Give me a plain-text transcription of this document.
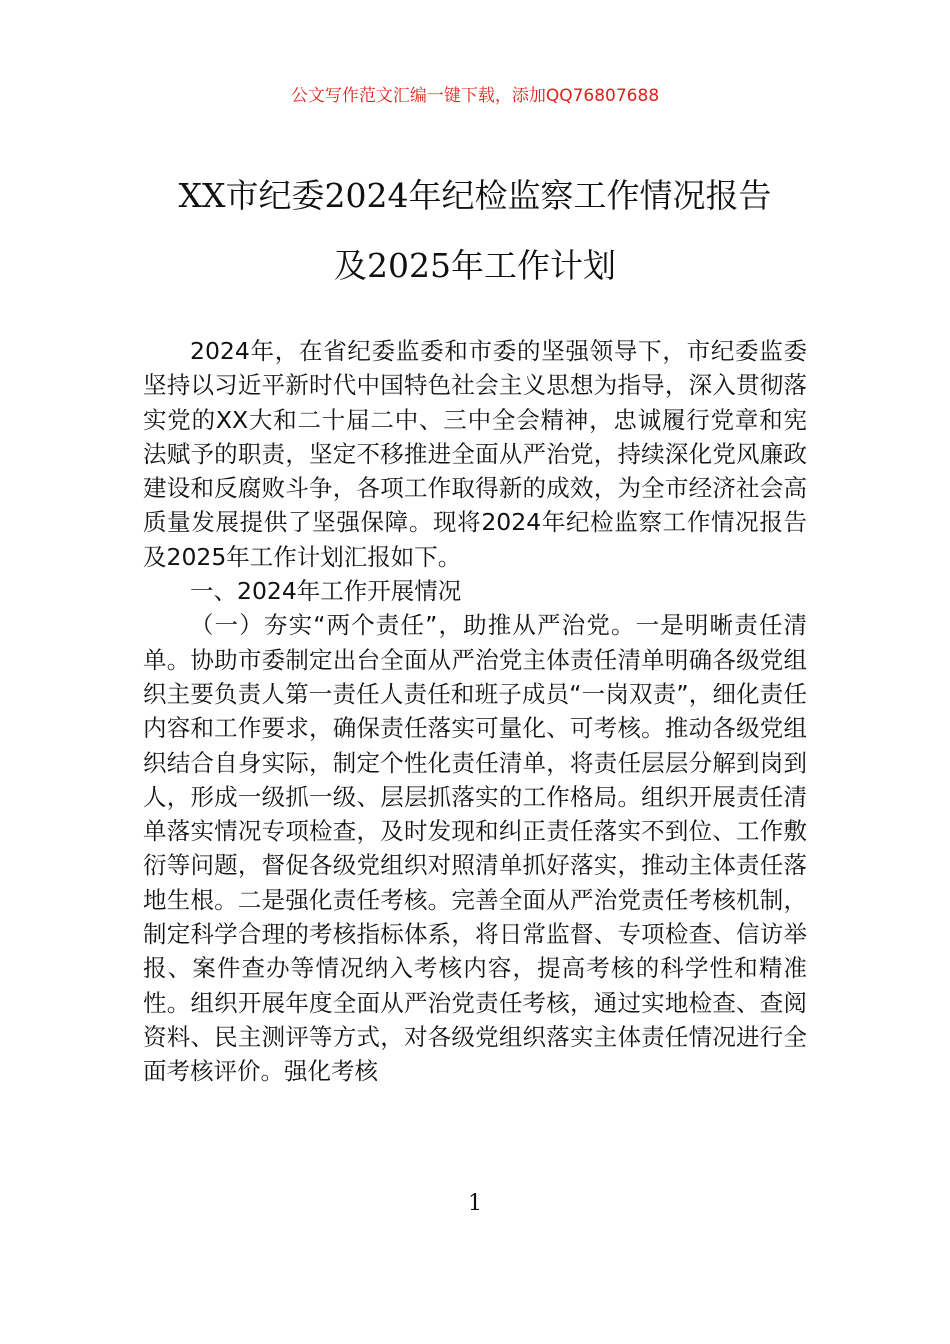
公文写作范文汇编一键下载，添加QQ76807688
XX市纪委2024年纪检监察工作情况报告
及2025年工作计划

2024年，在省纪委监委和市委的坚强领导下，市纪委监委坚持以习近平新时代中国特色社会主义思想为指导，深入贯彻落实党的XX大和二十届二中、三中全会精神，忠诚履行党章和宪法赋予的职责，坚定不移推进全面从严治党，持续深化党风廉政建设和反腐败斗争，各项工作取得新的成效，为全市经济社会高质量发展提供了坚强保障。现将2024年纪检监察工作情况报告及2025年工作计划汇报如下。

一、2024年工作开展情况

（一）夯实“两个责任”，助推从严治党。一是明晰责任清单。协助市委制定出台全面从严治党主体责任清单明确各级党组织主要负责人第一责任人责任和班子成员“一岗双责”，细化责任内容和工作要求，确保责任落实可量化、可考核。推动各级党组织结合自身实际，制定个性化责任清单，将责任层层分解到岗到人，形成一级抓一级、层层抓落实的工作格局。组织开展责任清单落实情况专项检查，及时发现和纠正责任落实不到位、工作敷衍等问题，督促各级党组织对照清单抓好落实，推动主体责任落地生根。二是强化责任考核。完善全面从严治党责任考核机制，制定科学合理的考核指标体系，将日常监督、专项检查、信访举报、案件查办等情况纳入考核内容，提高考核的科学性和精准性。组织开展年度全面从严治党责任考核，通过实地检查、查阅资料、民主测评等方式，对各级党组织落实主体责任情况进行全面考核评价。强化考核

1
